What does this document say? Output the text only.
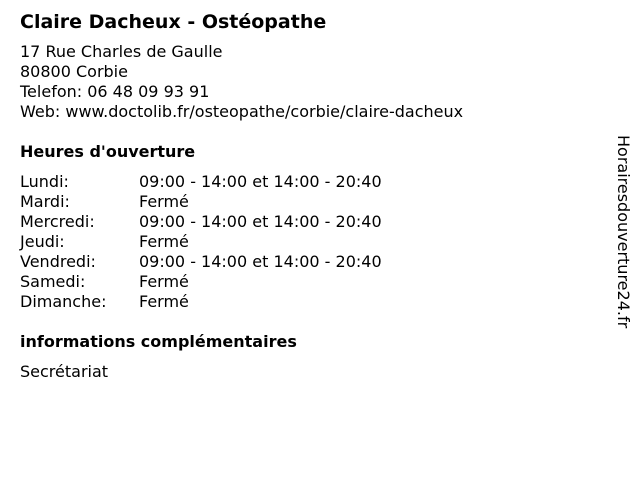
Claire Dacheux - Ostéopathe
17 Rue Charles de Gaulle
80800 Corbie
Telefon: 06 48 09 93 91
Web: www.doctolib.fr/osteopathe/corbie/claire-dacheux
Heures d'ouverture
Lundi:	09:00 - 14:00 et 14:00 - 20:40
Mardi:	Fermé
Mercredi:	09:00 - 14:00 et 14:00 - 20:40
Jeudi:	Fermé
Vendredi:	09:00 - 14:00 et 14:00 - 20:40
Samedi:	Fermé
Dimanche:	Fermé
informations complémentaires
Secrétariat
Horairesdouverture24.fr
